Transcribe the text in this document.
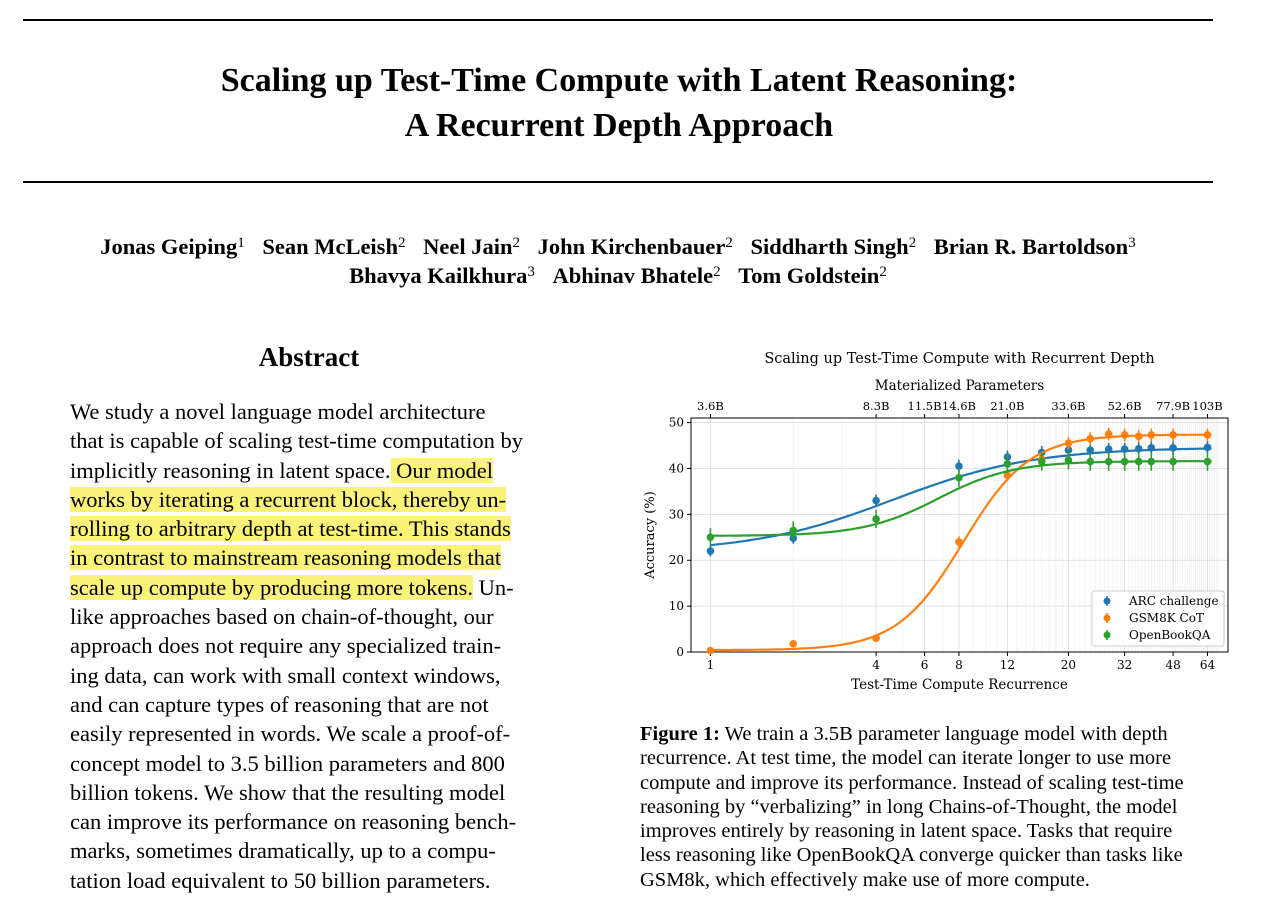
Scaling up Test-Time Compute with Latent Reasoning:
A Recurrent Depth Approach
Jonas Geiping$^1$ Sean McLeish$^2$ Neel Jain$^2$ John Kirchenbauer$^2$ Siddharth Singh$^2$ Brian R. Bartoldson$^3$
Bhavya Kailkhura$^3$ Abhinav Bhatele$^2$ Tom Goldstein$^2$
Abstract
We study a novel language model architecture
that is capable of scaling test-time computation by
implicitly reasoning in latent space. Our model
works by iterating a recurrent block, thereby un-
rolling to arbitrary depth at test-time. This stands
in contrast to mainstream reasoning models that
scale up compute by producing more tokens. Un-
like approaches based on chain-of-thought, our
approach does not require any specialized train-
ing data, can work with small context windows,
and can capture types of reasoning that are not
easily represented in words. We scale a proof-of-
concept model to 3.5 billion parameters and 800
billion tokens. We show that the resulting model
can improve its performance on reasoning bench-
marks, sometimes dramatically, up to a compu-
tation load equivalent to 50 billion parameters.
Scaling up Test-Time Compute with Recurrent Depth
Materialized Parameters
0
10
20
30
40
50
1	4	6 8	12	20	32	48 64
3.6B	8.3B 11.5B 14.6B 21.0B 33.6B 52.6B 77.9B 103B
Test-Time Compute Recurrence
Accuracy (%)
ARC challenge
GSM8K CoT
OpenBookQA
Figure 1: We train a 3.5B parameter language model with depth
recurrence. At test time, the model can iterate longer to use more
compute and improve its performance. Instead of scaling test-time
reasoning by “verbalizing” in long Chains-of-Thought, the model
improves entirely by reasoning in latent space. Tasks that require
less reasoning like OpenBookQA converge quicker than tasks like
GSM8k, which effectively make use of more compute.
